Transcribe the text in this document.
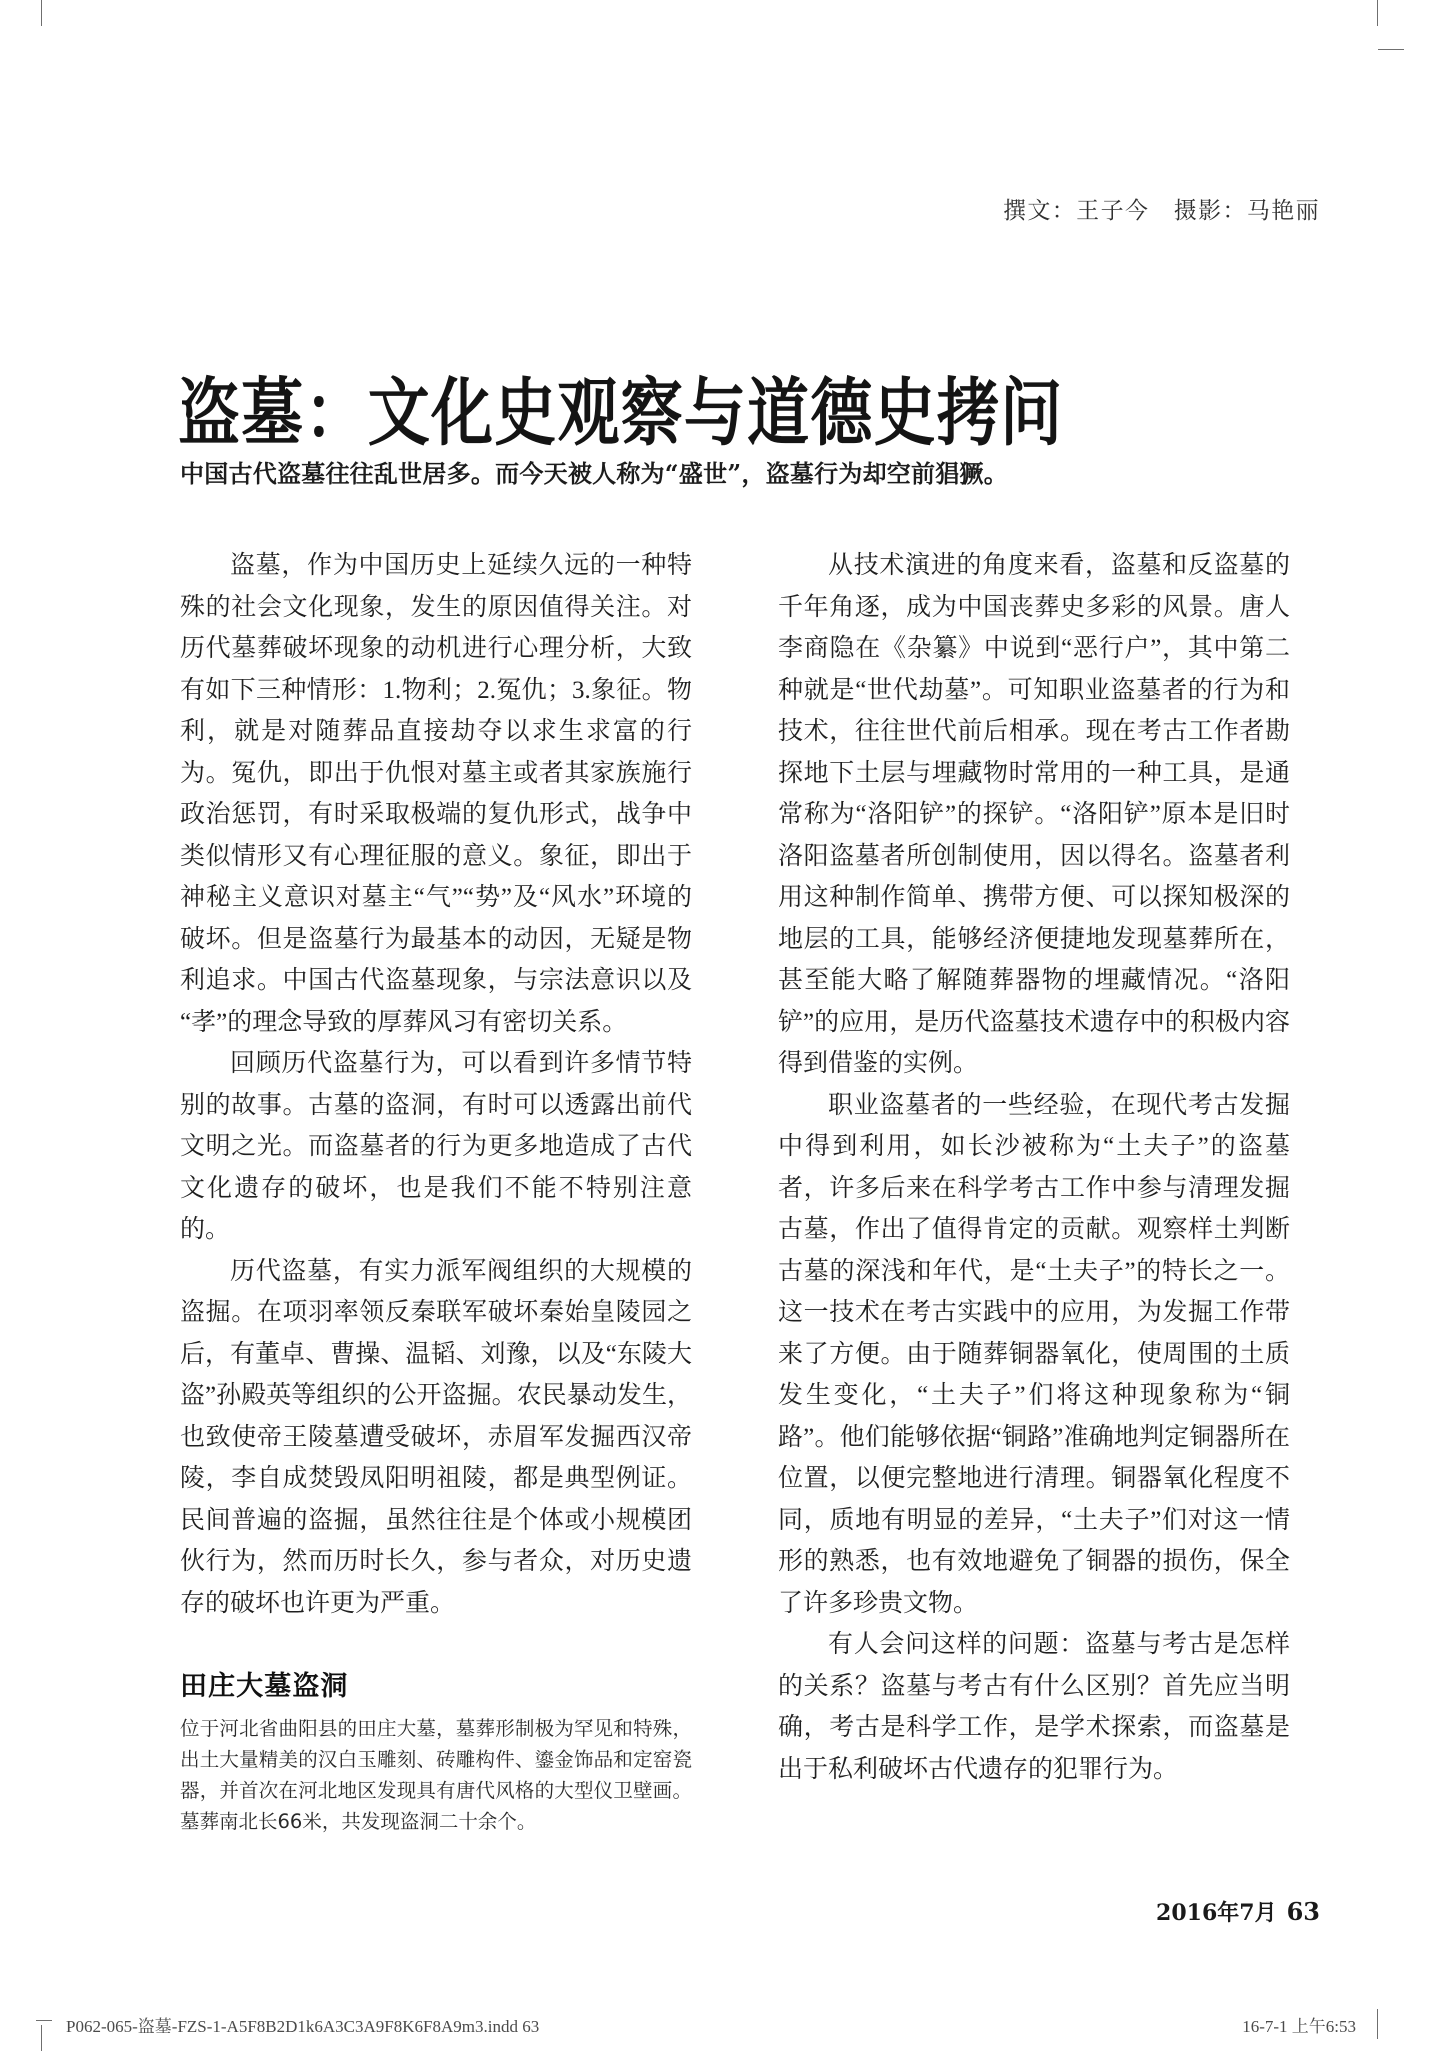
撰文：王子今　摄影：马艳丽
盗墓：文化史观察与道德史拷问

中国古代盗墓往往乱世居多。而今天被人称为“盛世”，盗墓行为却空前猖獗。

盗墓，作为中国历史上延续久远的一种特殊的社会文化现象，发生的原因值得关注。对历代墓葬破坏现象的动机进行心理分析，大致有如下三种情形：1.物利；2.冤仇；3.象征。物利，就是对随葬品直接劫夺以求生求富的行为。冤仇，即出于仇恨对墓主或者其家族施行政治惩罚，有时采取极端的复仇形式，战争中类似情形又有心理征服的意义。象征，即出于神秘主义意识对墓主“气”“势”及“风水”环境的破坏。但是盗墓行为最基本的动因，无疑是物利追求。中国古代盗墓现象，与宗法意识以及“孝”的理念导致的厚葬风习有密切关系。

回顾历代盗墓行为，可以看到许多情节特别的故事。古墓的盗洞，有时可以透露出前代文明之光。而盗墓者的行为更多地造成了古代文化遗存的破坏，也是我们不能不特别注意的。

历代盗墓，有实力派军阀组织的大规模的盗掘。在项羽率领反秦联军破坏秦始皇陵园之后，有董卓、曹操、温韬、刘豫，以及“东陵大盗”孙殿英等组织的公开盗掘。农民暴动发生，也致使帝王陵墓遭受破坏，赤眉军发掘西汉帝陵，李自成焚毁凤阳明祖陵，都是典型例证。民间普遍的盗掘，虽然往往是个体或小规模团伙行为，然而历时长久，参与者众，对历史遗存的破坏也许更为严重。

田庄大墓盗洞

位于河北省曲阳县的田庄大墓，墓葬形制极为罕见和特殊，出土大量精美的汉白玉雕刻、砖雕构件、鎏金饰品和定窑瓷器，并首次在河北地区发现具有唐代风格的大型仪卫壁画。墓葬南北长66米，共发现盗洞二十余个。

从技术演进的角度来看，盗墓和反盗墓的千年角逐，成为中国丧葬史多彩的风景。唐人李商隐在《杂纂》中说到“恶行户”，其中第二种就是“世代劫墓”。可知职业盗墓者的行为和技术，往往世代前后相承。现在考古工作者勘探地下土层与埋藏物时常用的一种工具，是通常称为“洛阳铲”的探铲。“洛阳铲”原本是旧时洛阳盗墓者所创制使用，因以得名。盗墓者利用这种制作简单、携带方便、可以探知极深的地层的工具，能够经济便捷地发现墓葬所在，甚至能大略了解随葬器物的埋藏情况。“洛阳铲”的应用，是历代盗墓技术遗存中的积极内容得到借鉴的实例。

职业盗墓者的一些经验，在现代考古发掘中得到利用，如长沙被称为“土夫子”的盗墓者，许多后来在科学考古工作中参与清理发掘古墓，作出了值得肯定的贡献。观察样土判断古墓的深浅和年代，是“土夫子”的特长之一。这一技术在考古实践中的应用，为发掘工作带来了方便。由于随葬铜器氧化，使周围的土质发生变化，“土夫子”们将这种现象称为“铜路”。他们能够依据“铜路”准确地判定铜器所在位置，以便完整地进行清理。铜器氧化程度不同，质地有明显的差异，“土夫子”们对这一情形的熟悉，也有效地避免了铜器的损伤，保全了许多珍贵文物。

有人会问这样的问题：盗墓与考古是怎样的关系？盗墓与考古有什么区别？首先应当明确，考古是科学工作，是学术探索，而盗墓是出于私利破坏古代遗存的犯罪行为。

2016年7月 63
P062-065-盗墓-FZS-1-A5F8B2D1k6A3C3A9F8K6F8A9m3.indd 63	16-7-1 上午6:53
